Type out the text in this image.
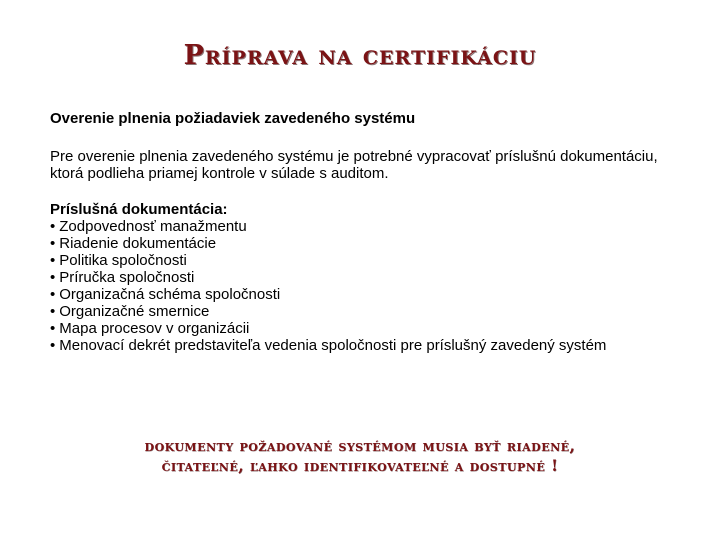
Príprava na certifikáciu

Overenie plnenia požiadaviek zavedeného systému

Pre overenie plnenia zavedeného systému je potrebné vypracovať príslušnú dokumentáciu, ktorá podlieha priamej kontrole v súlade s auditom.

Príslušná dokumentácia:

• Zodpovednosť manažmentu
• Riadenie dokumentácie
• Politika spoločnosti
• Príručka spoločnosti
• Organizačná schéma spoločnosti
• Organizačné smernice
• Mapa procesov v organizácii
• Menovací dekrét predstaviteľa vedenia spoločnosti pre príslušný zavedený systém
dokumenty požadované systémom musia byť riadené,
čitateľné, ľahko identifikovateľné a dostupné !
